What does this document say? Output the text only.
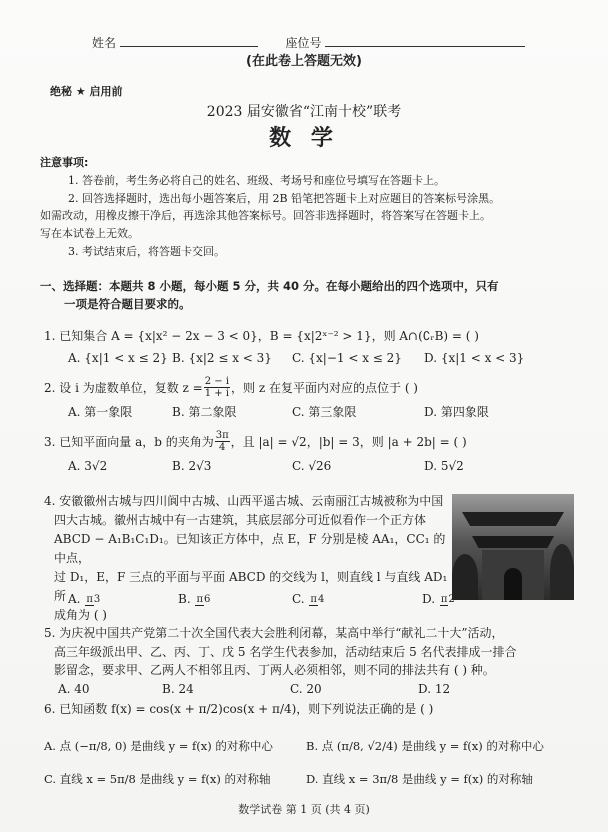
姓名	座位号
(在此卷上答题无效)
绝秘 ★ 启用前
2023 届安徽省“江南十校”联考
数 学
注意事项:
1. 答卷前，考生务必将自己的姓名、班级、考场号和座位号填写在答题卡上。
2. 回答选择题时，选出每小题答案后，用 2B 铅笔把答题卡上对应题目的答案标号涂黑。
如需改动，用橡皮擦干净后，再选涂其他答案标号。回答非选择题时，将答案写在答题卡上。
写在本试卷上无效。
3. 考试结束后，将答题卡交回。
一、选择题：本题共 8 小题，每小题 5 分，共 40 分。在每小题给出的四个选项中，只有
一项是符合题目要求的。
1. 已知集合 A = {x|x² − 2x − 3 < 0}，B = {x|2ˣ⁻² > 1}，则 A∩(∁ᵣB) = ( )
A. {x|1 < x ≤ 2} B. {x|2 ≤ x < 3}	C. {x|−1 < x ≤ 2}	D. {x|1 < x < 3}
2. 设 i 为虚数单位，复数 $z = \frac{2 - i}{1 + i}$ ，则 z 在复平面内对应的点位于 ( )
A. 第一象限	B. 第二象限	C. 第三象限	D. 第四象限
3. 已知平面向量 a，b 的夹角为 $\frac{3\pi}{4}$ ，且 |a| = √2，|b| = 3，则 |a + 2b| = ( )
A. 3√2	B. 2√3	C. √26	D. 5√2
4. 安徽徽州古城与四川阆中古城、山西平遥古城、云南丽江古城被称为中国
四大古城。徽州古城中有一古建筑，其底层部分可近似看作一个正方体
ABCD − A₁B₁C₁D₁。已知该正方体中，点 E，F 分别是棱 AA₁，CC₁ 的中点，
过 D₁，E，F 三点的平面与平面 ABCD 的交线为 l，则直线 l 与直线 AD₁ 所
成角为 ( )
A. π3	B. π6	C. π4	D. π2
5. 为庆祝中国共产党第二十次全国代表大会胜利闭幕，某高中举行“献礼二十大”活动，
高三年级派出甲、乙、丙、丁、戊 5 名学生代表参加，活动结束后 5 名代表排成一排合
影留念，要求甲、乙两人不相邻且丙、丁两人必须相邻，则不同的排法共有 ( ) 种。
A. 40	B. 24	C. 20	D. 12
6. 已知函数 f(x) = cos(x + π/2)cos(x + π/4)，则下列说法正确的是 ( )
A. 点 (−π/8, 0) 是曲线 y = f(x) 的对称中心	B. 点 (π/8, √2/4) 是曲线 y = f(x) 的对称中心
C. 直线 x = 5π/8 是曲线 y = f(x) 的对称轴	D. 直线 x = 3π/8 是曲线 y = f(x) 的对称轴
数学试卷 第 1 页 (共 4 页)
